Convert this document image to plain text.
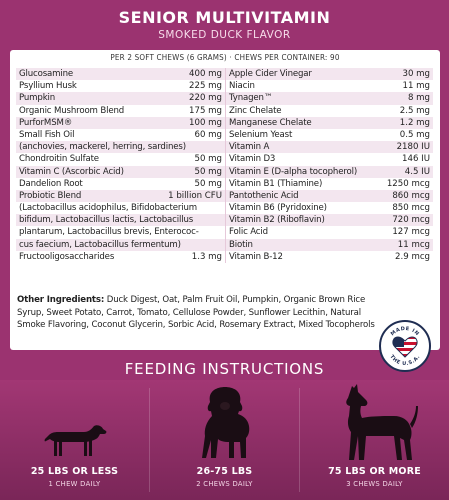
SENIOR MULTIVITAMIN
SMOKED DUCK FLAVOR
PER 2 SOFT CHEWS (6 GRAMS) · CHEWS PER CONTAINER: 90
Glucosamine	400 mg
Psyllium Husk	225 mg
Pumpkin	220 mg
Organic Mushroom Blend	175 mg
PurforMSM®	100 mg
Small Fish Oil	60 mg
(anchovies, mackerel, herring, sardines)
Chondroitin Sulfate	50 mg
Vitamin C (Ascorbic Acid)	50 mg
Dandelion Root	50 mg
Probiotic Blend	1 billion CFU
(Lactobacillus acidophilus, Bifidobacterium
bifidum, Lactobacillus lactis, Lactobacillus
plantarum, Lactobacillus brevis, Enterococ-
cus faecium, Lactobacillus fermentum)
Fructooligosaccharides	1.3 mg
Apple Cider Vinegar	30 mg
Niacin	11 mg
Tynagen™	8 mg
Zinc Chelate	2.5 mg
Manganese Chelate	1.2 mg
Selenium Yeast	0.5 mg
Vitamin A	2180 IU
Vitamin D3	146 IU
Vitamin E (D-alpha tocopherol)	4.5 IU
Vitamin B1 (Thiamine)	1250 mcg
Pantothenic Acid	860 mcg
Vitamin B6 (Pyridoxine)	850 mcg
Vitamin B2 (Riboflavin)	720 mcg
Folic Acid	127 mcg
Biotin	11 mcg
Vitamin B-12	2.9 mcg
Other Ingredients: Duck Digest, Oat, Palm Fruit Oil, Pumpkin, Organic Brown Rice Syrup, Sweet Potato, Carrot, Tomato, Cellulose Powder, Sunflower Lecithin, Natural Smoke Flavoring, Coconut Glycerin, Sorbic Acid, Rosemary Extract, Mixed Tocopherols
MADE IN
THE U.S.A.
FEEDING INSTRUCTIONS
25 LBS OR LESS
1 CHEW DAILY
26-75 LBS
2 CHEWS DAILY
75 LBS OR MORE
3 CHEWS DAILY
